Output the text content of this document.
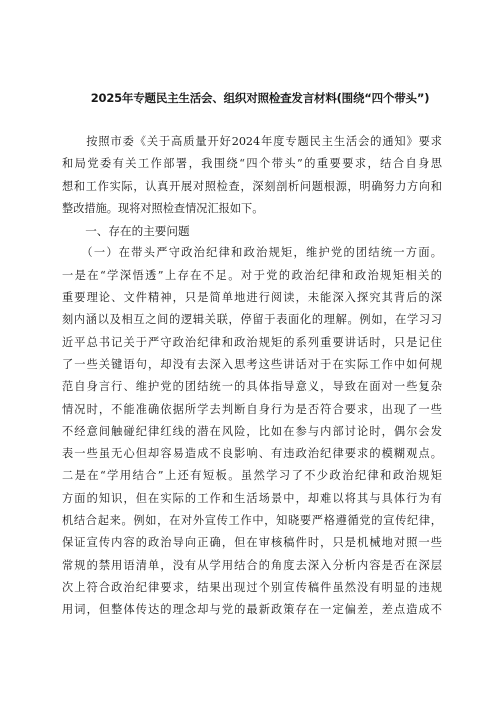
2025年专题民主生活会、组织对照检查发言材料(围绕“四个带头”)
　　按照市委《关于高质量开好2024年度专题民主生活会的通知》要求
和局党委有关工作部署，我围绕“四个带头”的重要要求，结合自身思
想和工作实际，认真开展对照检查，深刻剖析问题根源，明确努力方向和
整改措施。现将对照检查情况汇报如下。
　　一、存在的主要问题
　　（一）在带头严守政治纪律和政治规矩，维护党的团结统一方面。
一是在“学深悟透”上存在不足。对于党的政治纪律和政治规矩相关的
重要理论、文件精神，只是简单地进行阅读，未能深入探究其背后的深
刻内涵以及相互之间的逻辑关联，停留于表面化的理解。例如，在学习习
近平总书记关于严守政治纪律和政治规矩的系列重要讲话时，只是记住
了一些关键语句，却没有去深入思考这些讲话对于在实际工作中如何规
范自身言行、维护党的团结统一的具体指导意义，导致在面对一些复杂
情况时，不能准确依据所学去判断自身行为是否符合要求，出现了一些
不经意间触碰纪律红线的潜在风险，比如在参与内部讨论时，偶尔会发
表一些虽无心但却容易造成不良影响、有违政治纪律要求的模糊观点。
二是在“学用结合”上还有短板。虽然学习了不少政治纪律和政治规矩
方面的知识，但在实际的工作和生活场景中，却难以将其与具体行为有
机结合起来。例如，在对外宣传工作中，知晓要严格遵循党的宣传纪律，
保证宣传内容的政治导向正确，但在审核稿件时，只是机械地对照一些
常规的禁用语清单，没有从学用结合的角度去深入分析内容是否在深层
次上符合政治纪律要求，结果出现过个别宣传稿件虽然没有明显的违规
用词，但整体传达的理念却与党的最新政策存在一定偏差，差点造成不
